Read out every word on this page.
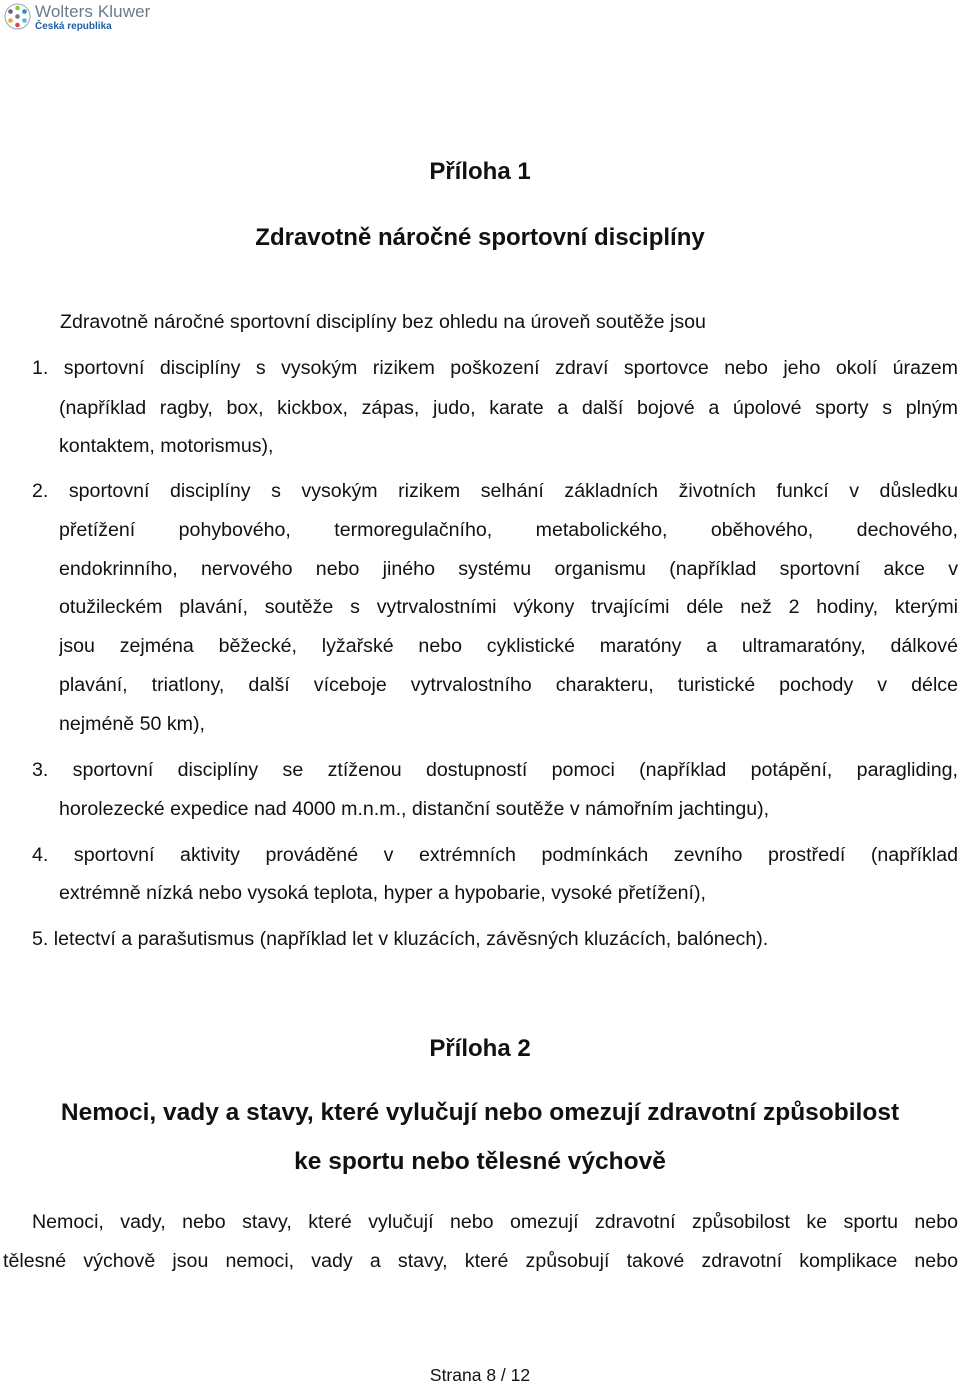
Wolters Kluwer
Česká republika
Příloha 1
Zdravotně náročné sportovní disciplíny
Zdravotně náročné sportovní disciplíny bez ohledu na úroveň soutěže jsou
1. sportovní disciplíny s vysokým rizikem poškození zdraví sportovce nebo jeho okolí úrazem
(například ragby, box, kickbox, zápas, judo, karate a další bojové a úpolové sporty s plným
kontaktem, motorismus),
2. sportovní disciplíny s vysokým rizikem selhání základních životních funkcí v důsledku
přetížení pohybového, termoregulačního, metabolického, oběhového, dechového,
endokrinního, nervového nebo jiného systému organismu (například sportovní akce v
otužileckém plavání, soutěže s vytrvalostními výkony trvajícími déle než 2 hodiny, kterými
jsou zejména běžecké, lyžařské nebo cyklistické maratóny a ultramaratóny, dálkové
plavání, triatlony, další víceboje vytrvalostního charakteru, turistické pochody v délce
nejméně 50 km),
3. sportovní disciplíny se ztíženou dostupností pomoci (například potápění, paragliding,
horolezecké expedice nad 4000 m.n.m., distanční soutěže v námořním jachtingu),
4. sportovní aktivity prováděné v extrémních podmínkách zevního prostředí (například
extrémně nízká nebo vysoká teplota, hyper a hypobarie, vysoké přetížení),
5. letectví a parašutismus (například let v kluzácích, závěsných kluzácích, balónech).
Příloha 2
Nemoci, vady a stavy, které vylučují nebo omezují zdravotní způsobilost
ke sportu nebo tělesné výchově
Nemoci, vady, nebo stavy, které vylučují nebo omezují zdravotní způsobilost ke sportu nebo
tělesné výchově jsou nemoci, vady a stavy, které způsobují takové zdravotní komplikace nebo
Strana 8 / 12
